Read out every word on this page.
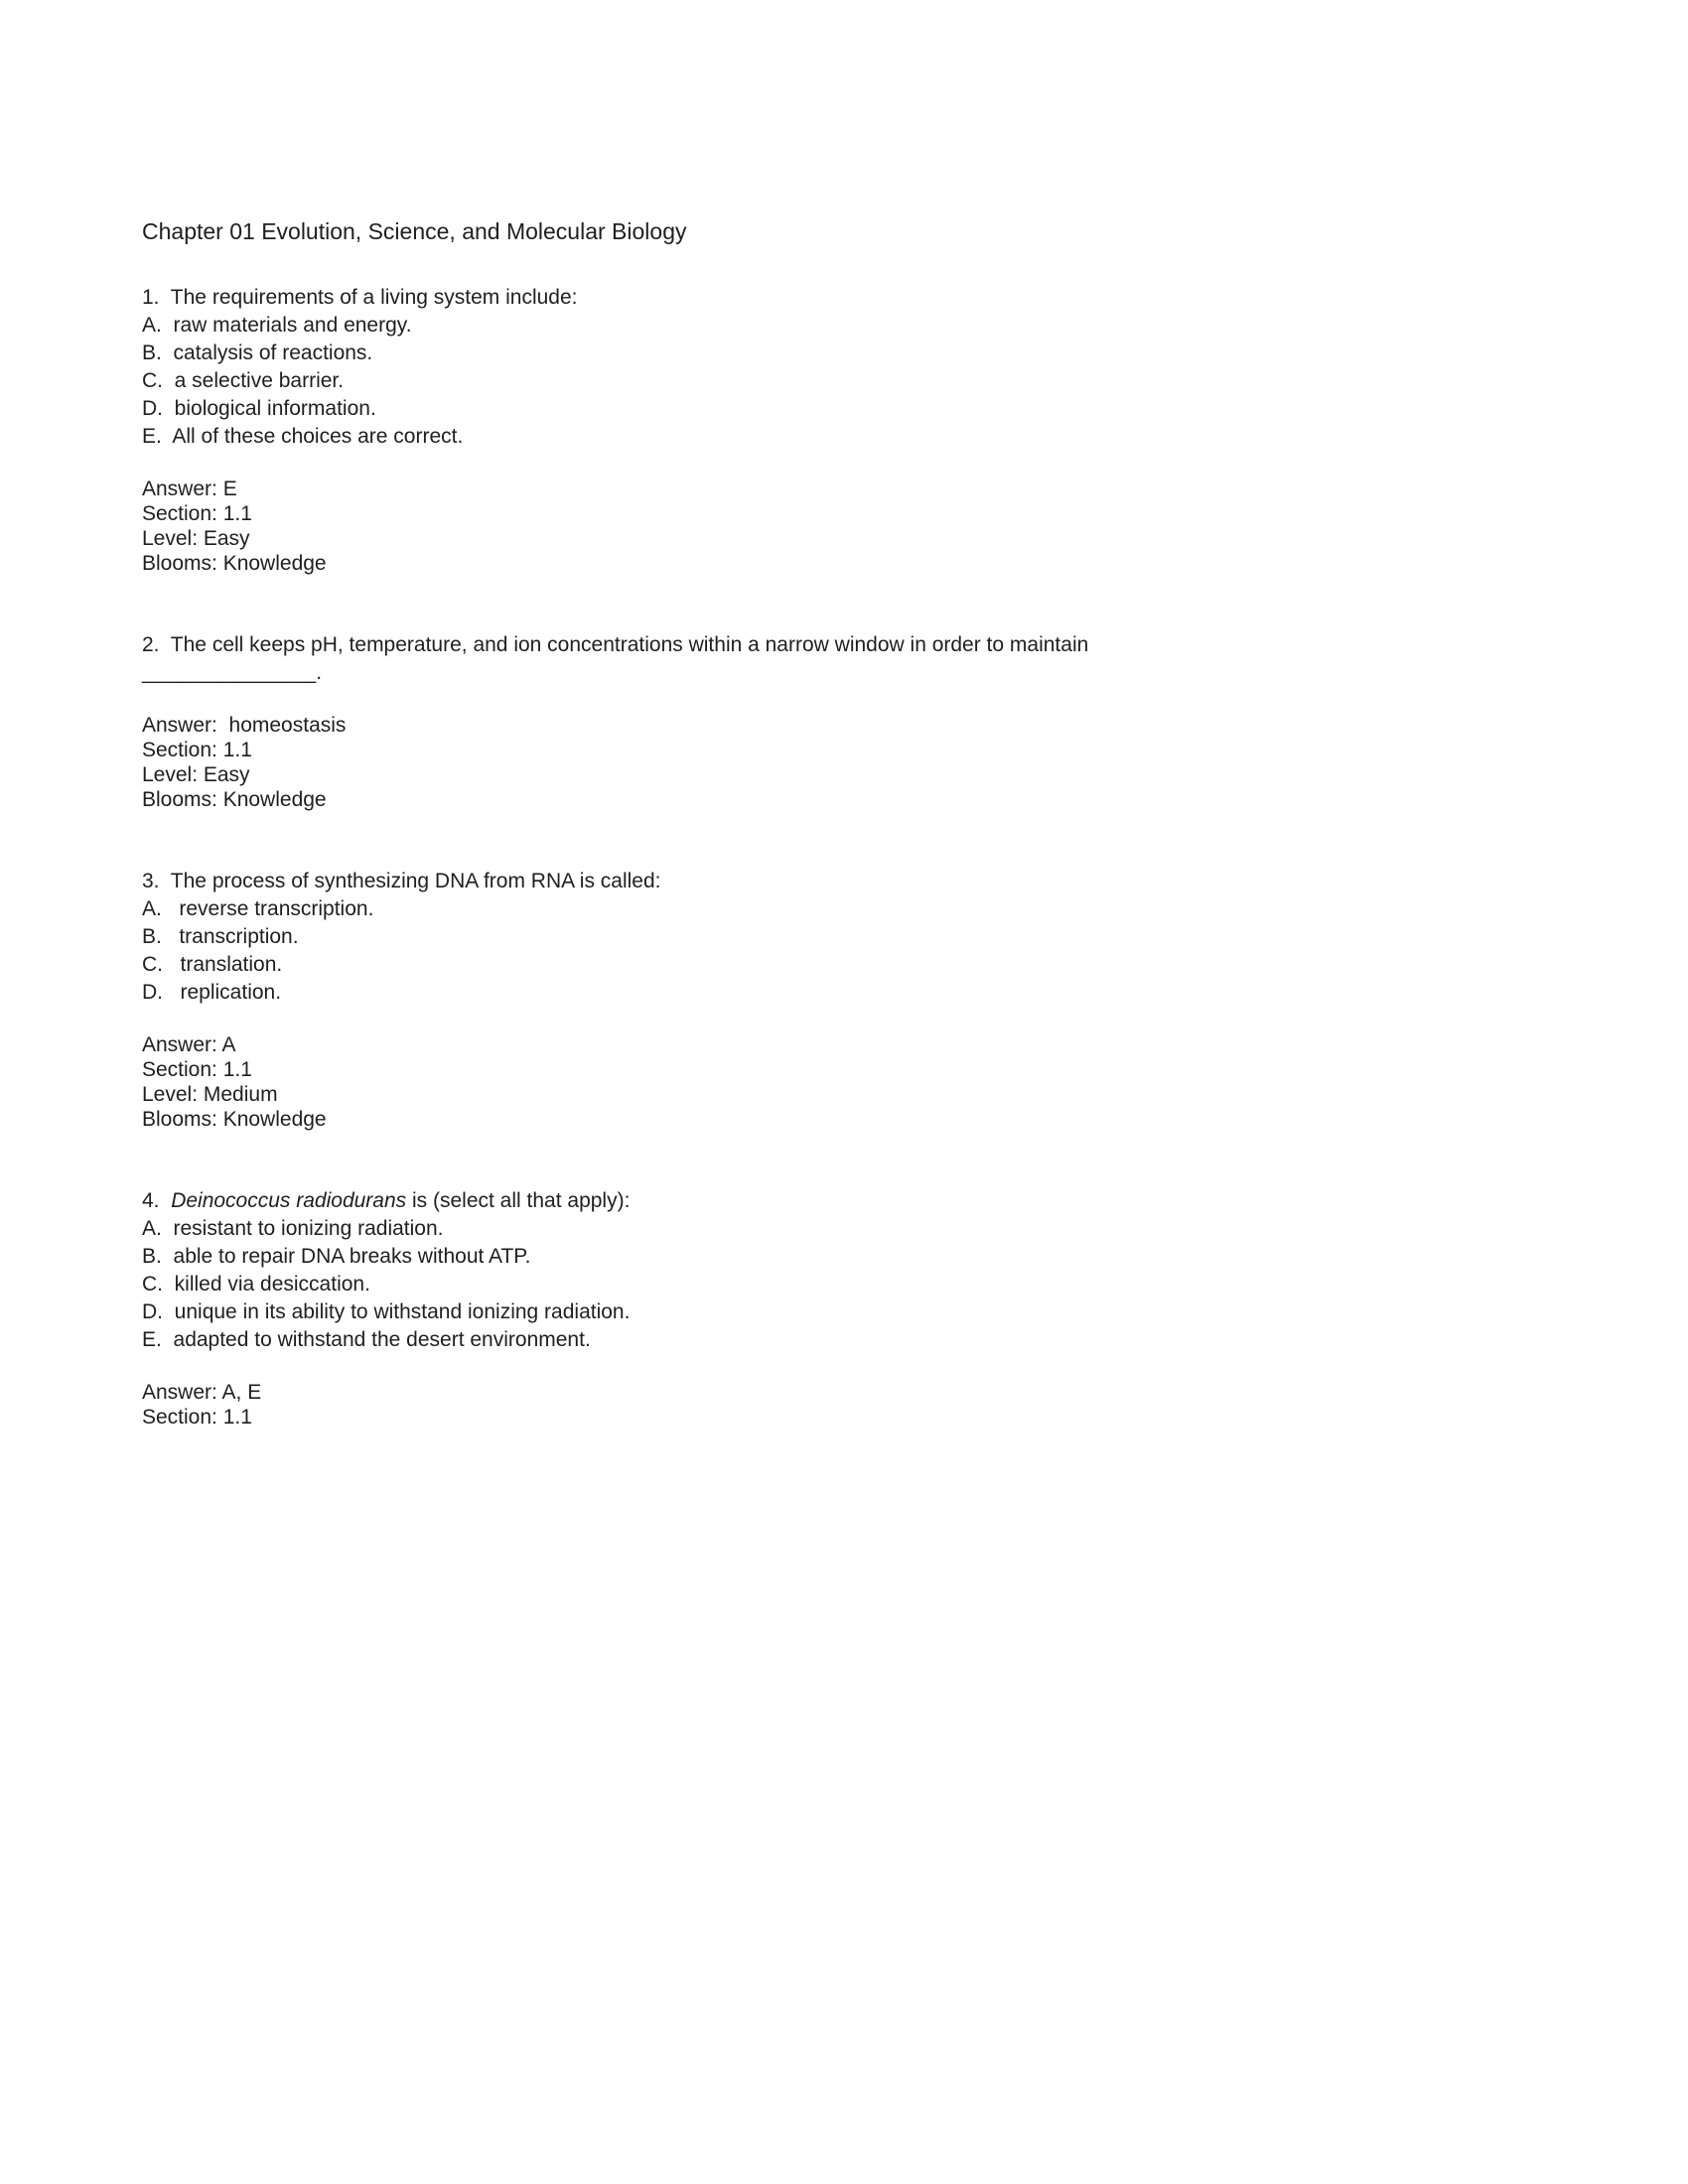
Chapter 01 Evolution, Science, and Molecular Biology

1.  The requirements of a living system include:

A.  raw materials and energy.

B.  catalysis of reactions.

C.  a selective barrier.

D.  biological information.

E.  All of these choices are correct.

Answer: E

Section: 1.1

Level: Easy

Blooms: Knowledge

2.  The cell keeps pH, temperature, and ion concentrations within a narrow window in order to maintain

_______________.

Answer:  homeostasis

Section: 1.1

Level: Easy

Blooms: Knowledge

3.  The process of synthesizing DNA from RNA is called:

A.   reverse transcription.

B.   transcription.

C.   translation.

D.   replication.

Answer: A

Section: 1.1

Level: Medium

Blooms: Knowledge

4.  Deinococcus radiodurans is (select all that apply):

A.  resistant to ionizing radiation.

B.  able to repair DNA breaks without ATP.

C.  killed via desiccation.

D.  unique in its ability to withstand ionizing radiation.

E.  adapted to withstand the desert environment.

Answer: A, E

Section: 1.1
